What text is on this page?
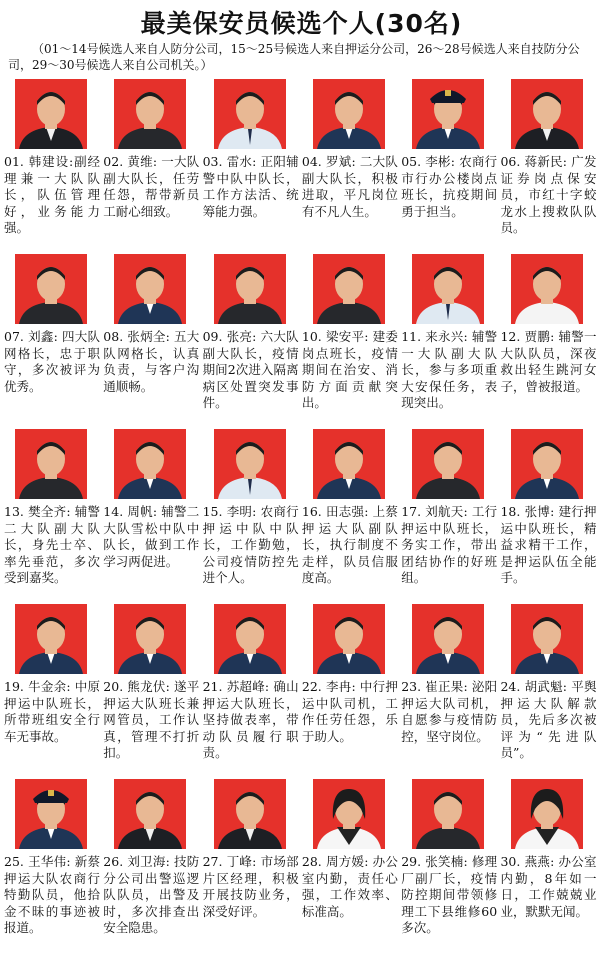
最美保安员候选个人(30名)
（01～14号候选人来自人防分公司，15～25号候选人来自押运分公司，26～28号候选人来自技防分公司，29～30号候选人来自公司机关。）
01. 韩建设:副经理兼一大队队长，队伍管理好，业务能力强。
02. 黄维: 一大队副大队长，任劳任怨，帮带新员工耐心细致。
03. 雷水: 正阳辅警中队中队长，工作方法活、统筹能力强。
04. 罗斌: 二大队副大队长，积极进取，平凡岗位有不凡人生。
05. 李彬: 农商行市行办公楼岗点班长，抗疫期间勇于担当。
06. 蒋新民: 广发证券岗点保安员，市红十字蛟龙水上搜救队队员。
07. 刘鑫: 四大队网格长，忠于职守，多次被评为优秀。
08. 张炳全: 五大队网格长，认真负责，与客户沟通顺畅。
09. 张亮: 六大队副大队长，疫情期间2次进入隔离病区处置突发事件。
10. 梁安平: 建委岗点班长，疫情期间在治安、消防方面贡献突出。
11. 来永兴: 辅警一大队副大队长，参与多项重大安保任务，表现突出。
12. 贾鹏: 辅警一大队队员，深夜救出轻生跳河女子，曾被报道。
13. 樊全齐: 辅警二大队副大队长，身先士卒、率先垂范，多次受到嘉奖。
14. 周帆: 辅警二大队雪松中队中队长，做到工作学习两促进。
15. 李明: 农商行押运中队中队长，工作勤勉，公司疫情防控先进个人。
16. 田志强: 上蔡押运大队副队长，执行制度不走样，队员信服度高。
17. 刘航天: 工行押运中队班长，务实工作，带出团结协作的好班组。
18. 张博: 建行押运中队班长，精益求精干工作，是押运队伍全能手。
19. 牛金余: 中原押运中队班长，所带班组安全行车无事故。
20. 熊龙伏: 遂平押运大队班长兼网管员，工作认真，管理不打折扣。
21. 苏超峰: 确山押运大队班长，坚持做表率，带动队员履行职责。
22. 李冉: 中行押运中队司机，工作任劳任怨，乐于助人。
23. 崔正果: 泌阳押运大队司机，自愿参与疫情防控，坚守岗位。
24. 胡武魁: 平舆押运大队解款员，先后多次被评为“先进队员”。
25. 王华伟: 新蔡押运大队农商行特勤队员，他拾金不昧的事迹被报道。
26. 刘卫海: 技防分公司出警巡逻队队员，出警及时，多次排查出安全隐患。
27. 丁峰: 市场部片区经理，积极开展技防业务，深受好评。
28. 周方媛: 办公室内勤，责任心强，工作效率、标准高。
29. 张笑楠: 修理厂副厂长，疫情防控期间带领修理工下县维修60多次。
30. 燕燕: 办公室内勤，8年如一日，工作兢兢业业，默默无闻。
